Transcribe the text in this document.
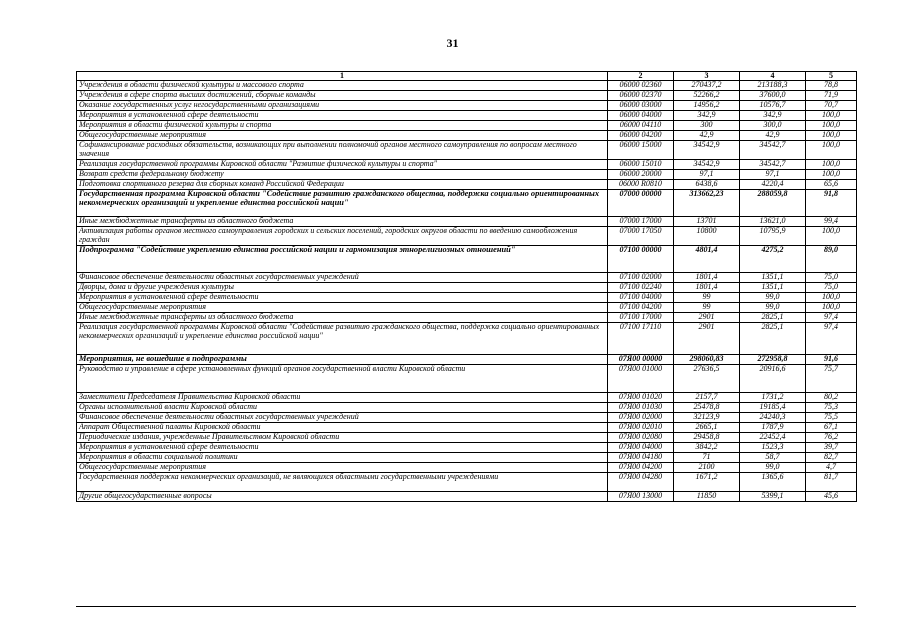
31
1	2	3	4	5
Учреждения в области физической культуры и массового спорта	06000 02360	270437,2	213188,3	78,8
Учреждения в сфере спорта высших достижений, сборные команды	06000 02370	52266,2	37600,0	71,9
Оказание государственных услуг негосударственными организациями	06000 03000	14956,2	10576,7	70,7
Мероприятия в установленной сфере деятельности	06000 04000	342,9	342,9	100,0
Мероприятия в области физической культуры и спорта	06000 04110	300	300,0	100,0
Общегосударственные мероприятия	06000 04200	42,9	42,9	100,0
Софинансирование расходных обязательств, возникающих при выполнении полномочий органов местного самоуправления по вопросам местного значения	06000 15000	34542,9	34542,7	100,0
Реализация государственной программы Кировской области "Развитие физической культуры и спорта"	06000 15010	34542,9	34542,7	100,0
Возврат средств федеральному бюджету	06000 20000	97,1	97,1	100,0
Подготовка спортивного резерва для сборных команд Российской Федерации	06000 R0810	6438,6	4220,4	65,6
Государственная программа Кировской области "Содействие развитию гражданского общества, поддержка социально ориентированных некоммерческих организаций и укрепление единства российской нации"	07000 00000	313662,23	288059,8	91,8
Иные межбюджетные трансферты из областного бюджета	07000 17000	13701	13621,0	99,4
Активизация работы органов местного самоуправления городских и сельских поселений, городских округов области по введению самообложения граждан	07000 17050	10800	10795,9	100,0
Подпрограмма "Содействие укреплению единства российской нации и гармонизация этнорелигиозных отношений"	07100 00000	4801,4	4275,2	89,0
Финансовое обеспечение деятельности областных государственных учреждений	07100 02000	1801,4	1351,1	75,0
Дворцы, дома и другие учреждения культуры	07100 02240	1801,4	1351,1	75,0
Мероприятия в установленной сфере деятельности	07100 04000	99	99,0	100,0
Общегосударственные мероприятия	07100 04200	99	99,0	100,0
Иные межбюджетные трансферты из областного бюджета	07100 17000	2901	2825,1	97,4
Реализация государственной программы Кировской области "Содействие развитию гражданского общества, поддержка социально ориентированных некоммерческих организаций и укрепление единства российской нации"	07100 17110	2901	2825,1	97,4
Мероприятия, не вошедшие в подпрограммы	07Я00 00000	298060,83	272958,8	91,6
Руководство и управление в сфере установленных функций органов государственной власти Кировской области	07Я00 01000	27636,5	20916,6	75,7
Заместители Председателя Правительства Кировской области	07Я00 01020	2157,7	1731,2	80,2
Органы исполнительной власти Кировской области	07Я00 01030	25478,8	19185,4	75,3
Финансовое обеспечение деятельности областных государственных учреждений	07Я00 02000	32123,9	24240,3	75,5
Аппарат Общественной палаты Кировской области	07Я00 02010	2665,1	1787,9	67,1
Периодические издания, учрежденные Правительством Кировской области	07Я00 02080	29458,8	22452,4	76,2
Мероприятия в установленной сфере деятельности	07Я00 04000	3842,2	1523,3	39,7
Мероприятия в области социальной политики	07Я00 04180	71	58,7	82,7
Общегосударственные мероприятия	07Я00 04200	2100	99,0	4,7
Государственная поддержка некоммерческих организаций, не являющихся областными государственными учреждениями	07Я00 04280	1671,2	1365,6	81,7
Другие общегосударственные вопросы	07Я00 13000	11850	5399,1	45,6
